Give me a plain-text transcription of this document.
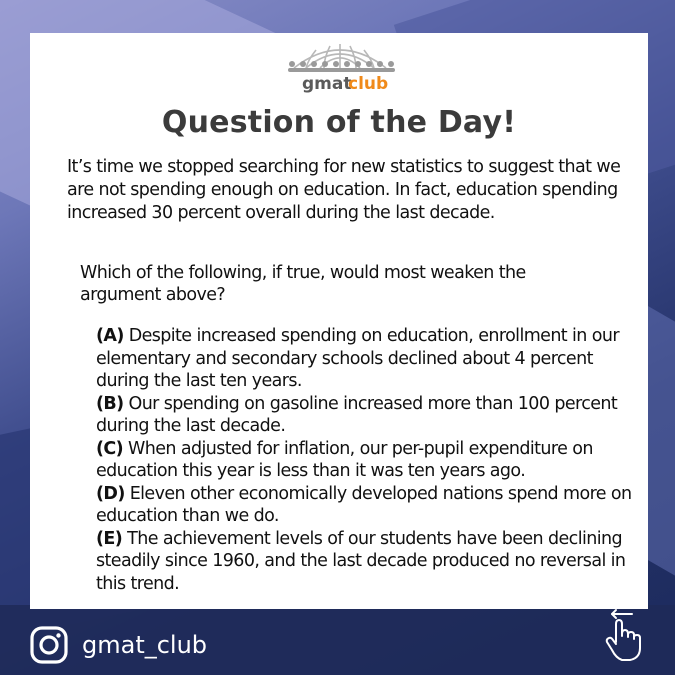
gmat
club
Question of the Day!
It’s time we stopped searching for new statistics to suggest that we are not spending enough on education. In fact, education spending increased 30 percent overall during the last decade.
Which of the following, if true, would most weaken the argument above?

(A) Despite increased spending on education, enrollment in our elementary and secondary schools declined about 4 percent during the last ten years.

(B) Our spending on gasoline increased more than 100 percent during the last decade.

(C) When adjusted for inflation, our per-pupil expenditure on education this year is less than it was ten years ago.

(D) Eleven other economically developed nations spend more on education than we do.

(E) The achievement levels of our students have been declining steadily since 1960, and the last decade produced no reversal in this trend.

gmat_club
